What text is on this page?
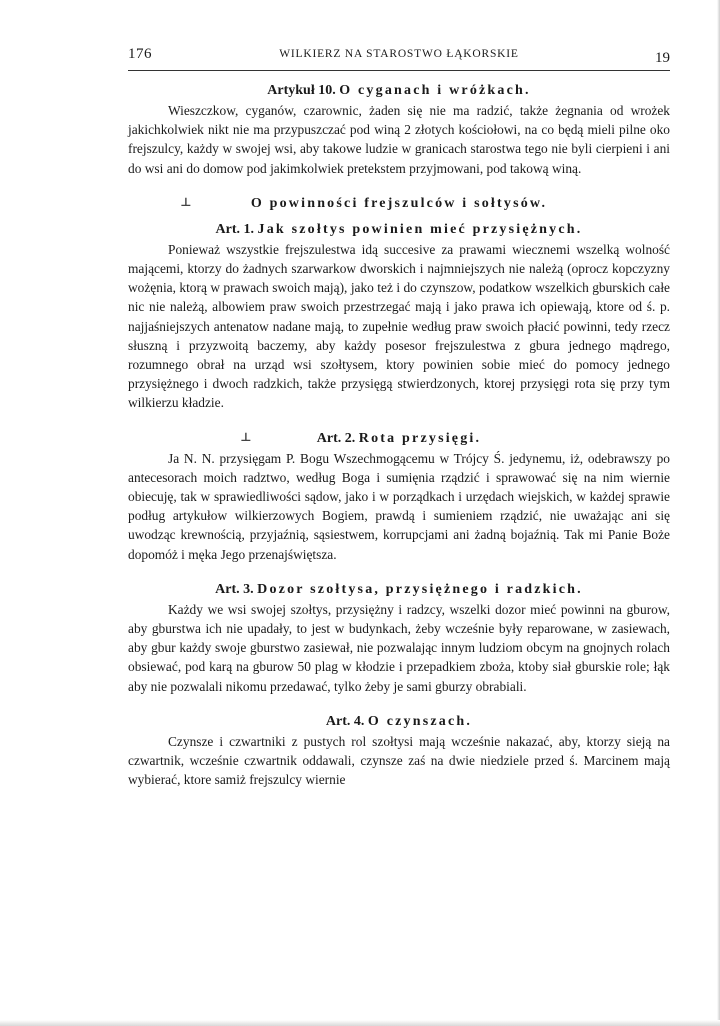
176	WILKIERZ NA STAROSTWO ŁĄKORSKIE	19
Artykuł 10. O cyganach i wróżkach.

Wieszczkow, cyganów, czarownic, żaden się nie ma radzić, także żegnania od wrożek jakichkolwiek nikt nie ma przypuszczać pod winą 2 złotych kościołowi, na co będą mieli pilne oko frejszulcy, każdy w swojej wsi, aby takowe ludzie w granicach starostwa tego nie byli cierpieni i ani do wsi ani do domow pod jakimkolwiek pretekstem przyjmowani, pod takową winą.

⊥	O powinności frejszulców i sołtysów.
Art. 1. Jak szołtys powinien mieć przysiężnych.

Ponieważ wszystkie frejszulestwa idą succesive za prawami wiecznemi wszelką wolność mającemi, ktorzy do żadnych szarwarkow dworskich i najmniejszych nie należą (oprocz kopczyzny wożęnia, ktorą w prawach swoich mają), jako też i do czynszow, podatkow wszelkich gburskich całe nic nie należą, albowiem praw swoich przestrzegać mają i jako prawa ich opiewają, ktore od ś. p. najjaśniejszych antenatow nadane mają, to zupełnie według praw swoich płacić powinni, tedy rzecz słuszną i przyzwoitą baczemy, aby każdy posesor frejszulestwa z gbura jednego mądrego, rozumnego obrał na urząd wsi szołtysem, ktory powinien sobie mieć do pomocy jednego przysiężnego i dwoch radzkich, także przysięgą stwierdzonych, ktorej przysięgi rota się przy tym wilkierzu kładzie.

⊥	Art. 2. Rota przysięgi.

Ja N. N. przysięgam P. Bogu Wszechmogącemu w Trójcy Ś. jedynemu, iż, odebrawszy po antecesorach moich radztwo, według Boga i sumięnia rządzić i sprawować się na nim wiernie obiecuję, tak w sprawiedliwości sądow, jako i w porządkach i urzędach wiejskich, w każdej sprawie podług artykułow wilkierzowych Bogiem, prawdą i sumieniem rządzić, nie uważając ani się uwodząc krewnością, przyjaźnią, sąsiestwem, korrupcjami ani żadną bojaźnią. Tak mi Panie Boże dopomóż i męka Jego przenajświętsza.

Art. 3. Dozor szołtysa, przysiężnego i radzkich.

Każdy we wsi swojej szołtys, przysiężny i radzcy, wszelki dozor mieć powinni na gburow, aby gburstwa ich nie upadały, to jest w budynkach, żeby wcześnie były reparowane, w zasiewach, aby gbur każdy swoje gburstwo zasiewał, nie pozwalając innym ludziom obcym na gnojnych rolach obsiewać, pod karą na gburow 50 plag w kłodzie i przepadkiem zboża, ktoby siał gburskie role; łąk aby nie pozwalali nikomu przedawać, tylko żeby je sami gburzy obrabiali.

Art. 4. O czynszach.

Czynsze i czwartniki z pustych rol szołtysi mają wcześnie nakazać, aby, ktorzy sieją na czwartnik, wcześnie czwartnik oddawali, czynsze zaś na dwie niedziele przed ś. Marcinem mają wybierać, ktore samiż frejszulcy wiernie
